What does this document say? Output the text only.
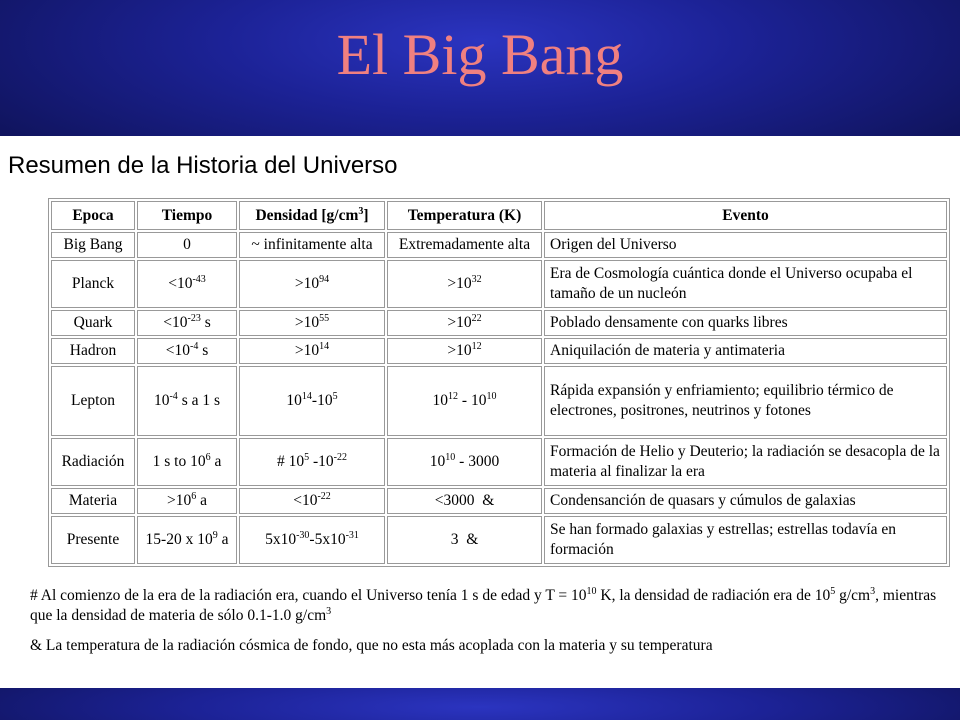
El Big Bang
Resumen de la Historia del Universo
Epoca	Tiempo	Densidad $[g/cm^3]$	Temperatura (K)	Evento
Big Bang	0	~ infinitamente alta	Extremadamente alta	Origen del Universo
Planck	$<10^{-43}$	$>10^{94}$	$>10^{32}$	Era de Cosmología cuántica donde el Universo ocupaba el tamaño de un nucleón
Quark	$<10^{-23}$ s	$>10^{55}$	$>10^{22}$	Poblado densamente con quarks libres
Hadron	$<10^{-4}$ s	$>10^{14}$	$>10^{12}$	Aniquilación de materia y antimateria
Lepton	$10^{-4}$ s a 1 s	$10^{14}-10^5$	$10^{12} - 10^{10}$	Rápida expansión y enfriamiento; equilibrio térmico de electrones, positrones, neutrinos y fotones
Radiación	1 s to $10^6$ a	# $10^5$ $-10^{-22}$	$10^{10} - 3000$	Formación de Helio y Deuterio; la radiación se desacopla de la materia al finalizar la era
Materia	$>10^6$ a	$<10^{-22}$	<3000  &	Condensanción de quasars y cúmulos de galaxias
Presente	15-20 x $10^9$ a	$5x10^{-30}-5x10^{-31}$	3  &	Se han formado galaxias y estrellas; estrellas todavía en formación

# Al comienzo de la era de la radiación era, cuando el Universo tenía 1 s de edad y $T = 10^{10}$ K, la densidad de radiación era de $10^5$ $g/cm^3$, mientras que la densidad de materia de sólo 0.1-1.0 $g/cm^3$

& La temperatura de la radiación cósmica de fondo, que no esta más acoplada con la materia y su temperatura
